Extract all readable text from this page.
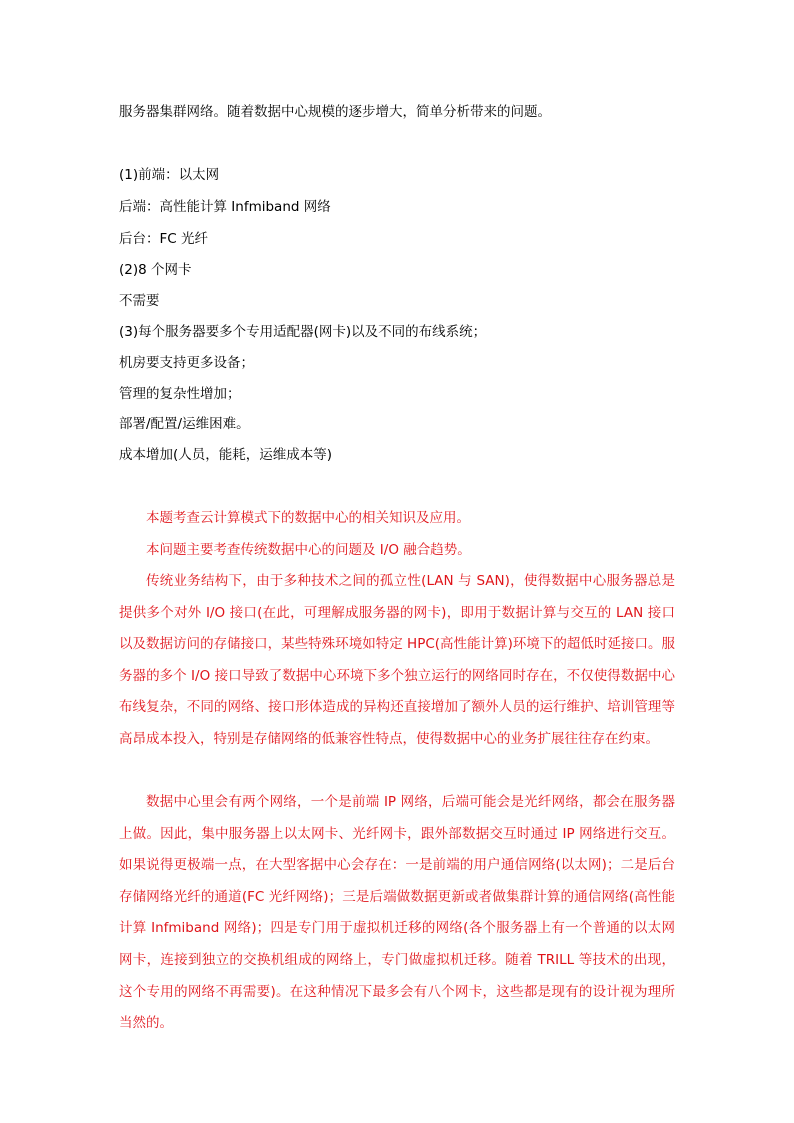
服务器集群网络。随着数据中心规模的逐步增大，简单分析带来的问题。
(1)前端：以太网
后端：高性能计算 Infmiband 网络
后台：FC 光纤
(2)8 个网卡
不需要
(3)每个服务器要多个专用适配器(网卡)以及不同的布线系统；
机房要支持更多设备；
管理的复杂性增加；
部署/配置/运维困难。
成本增加(人员，能耗，运维成本等)

本题考查云计算模式下的数据中心的相关知识及应用。

本问题主要考查传统数据中心的问题及 I/O 融合趋势。

传统业务结构下，由于多种技术之间的孤立性(LAN 与 SAN)，使得数据中心服务器总是提供多个对外 I/O 接口(在此，可理解成服务器的网卡)，即用于数据计算与交互的 LAN 接口以及数据访问的存储接口，某些特殊环境如特定 HPC(高性能计算)环境下的超低时延接口。服务器的多个 I/O 接口导致了数据中心环境下多个独立运行的网络同时存在，不仅使得数据中心布线复杂，不同的网络、接口形体造成的异构还直接增加了额外人员的运行维护、培训管理等高昂成本投入，特别是存储网络的低兼容性特点，使得数据中心的业务扩展往往存在约束。

数据中心里会有两个网络，一个是前端 IP 网络，后端可能会是光纤网络，都会在服务器上做。因此，集中服务器上以太网卡、光纤网卡，跟外部数据交互时通过 IP 网络进行交互。如果说得更极端一点，在大型客据中心会存在：一是前端的用户通信网络(以太网)；二是后台存储网络光纤的通道(FC 光纤网络)；三是后端做数据更新或者做集群计算的通信网络(高性能计算 Infmiband 网络)；四是专门用于虚拟机迁移的网络(各个服务器上有一个普通的以太网网卡，连接到独立的交换机组成的网络上，专门做虚拟机迁移。随着 TRILL 等技术的出现，这个专用的网络不再需要)。在这种情况下最多会有八个网卡，这些都是现有的设计视为理所当然的。
